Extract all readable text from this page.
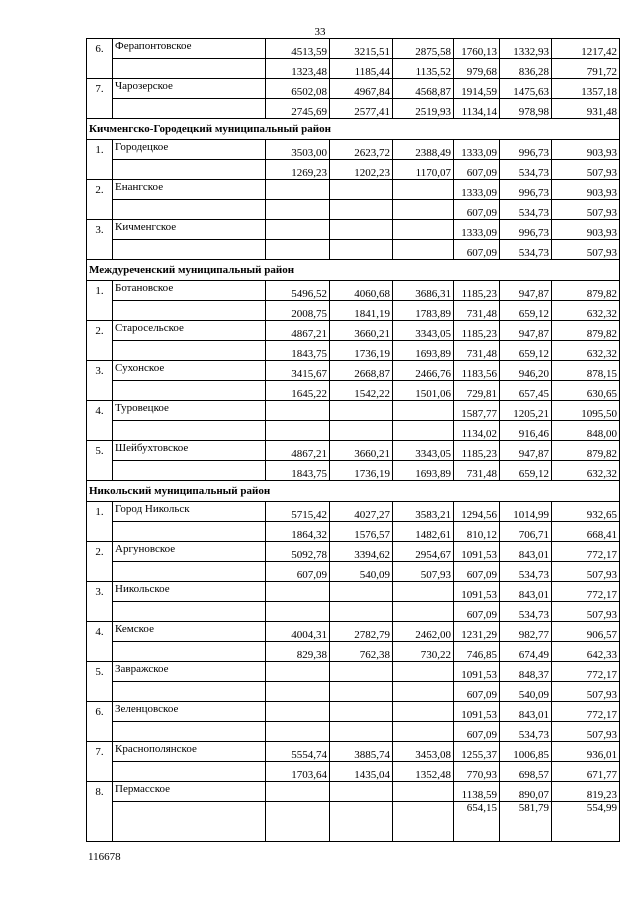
33
6.	Ферапонтовское	4513,59	3215,51	2875,58	1760,13	1332,93	1217,42
		1323,48	1185,44	1135,52	979,68	836,28	791,72
7.	Чарозерское	6502,08	4967,84	4568,87	1914,59	1475,63	1357,18
		2745,69	2577,41	2519,93	1134,14	978,98	931,48
Кичменгско-Городецкий муниципальный район							
1.	Городецкое	3503,00	2623,72	2388,49	1333,09	996,73	903,93
		1269,23	1202,23	1170,07	607,09	534,73	507,93
2.	Енангское				1333,09	996,73	903,93
					607,09	534,73	507,93
3.	Кичменгское				1333,09	996,73	903,93
					607,09	534,73	507,93
Междуреченский муниципальный район							
1.	Ботановское	5496,52	4060,68	3686,31	1185,23	947,87	879,82
		2008,75	1841,19	1783,89	731,48	659,12	632,32
2.	Старосельское	4867,21	3660,21	3343,05	1185,23	947,87	879,82
		1843,75	1736,19	1693,89	731,48	659,12	632,32
3.	Сухонское	3415,67	2668,87	2466,76	1183,56	946,20	878,15
		1645,22	1542,22	1501,06	729,81	657,45	630,65
4.	Туровецкое				1587,77	1205,21	1095,50
					1134,02	916,46	848,00
5.	Шейбухтовское	4867,21	3660,21	3343,05	1185,23	947,87	879,82
		1843,75	1736,19	1693,89	731,48	659,12	632,32
Никольский муниципальный район							
1.	Город Никольск	5715,42	4027,27	3583,21	1294,56	1014,99	932,65
		1864,32	1576,57	1482,61	810,12	706,71	668,41
2.	Аргуновское	5092,78	3394,62	2954,67	1091,53	843,01	772,17
		607,09	540,09	507,93	607,09	534,73	507,93
3.	Никольское				1091,53	843,01	772,17
					607,09	534,73	507,93
4.	Кемское	4004,31	2782,79	2462,00	1231,29	982,77	906,57
		829,38	762,38	730,22	746,85	674,49	642,33
5.	Завражское				1091,53	848,37	772,17
					607,09	540,09	507,93
6.	Зеленцовское				1091,53	843,01	772,17
					607,09	534,73	507,93
7.	Краснополянское	5554,74	3885,74	3453,08	1255,37	1006,85	936,01
		1703,64	1435,04	1352,48	770,93	698,57	671,77
8.	Пермасское				1138,59	890,07	819,23
					654,15	581,79	554,99
116678
